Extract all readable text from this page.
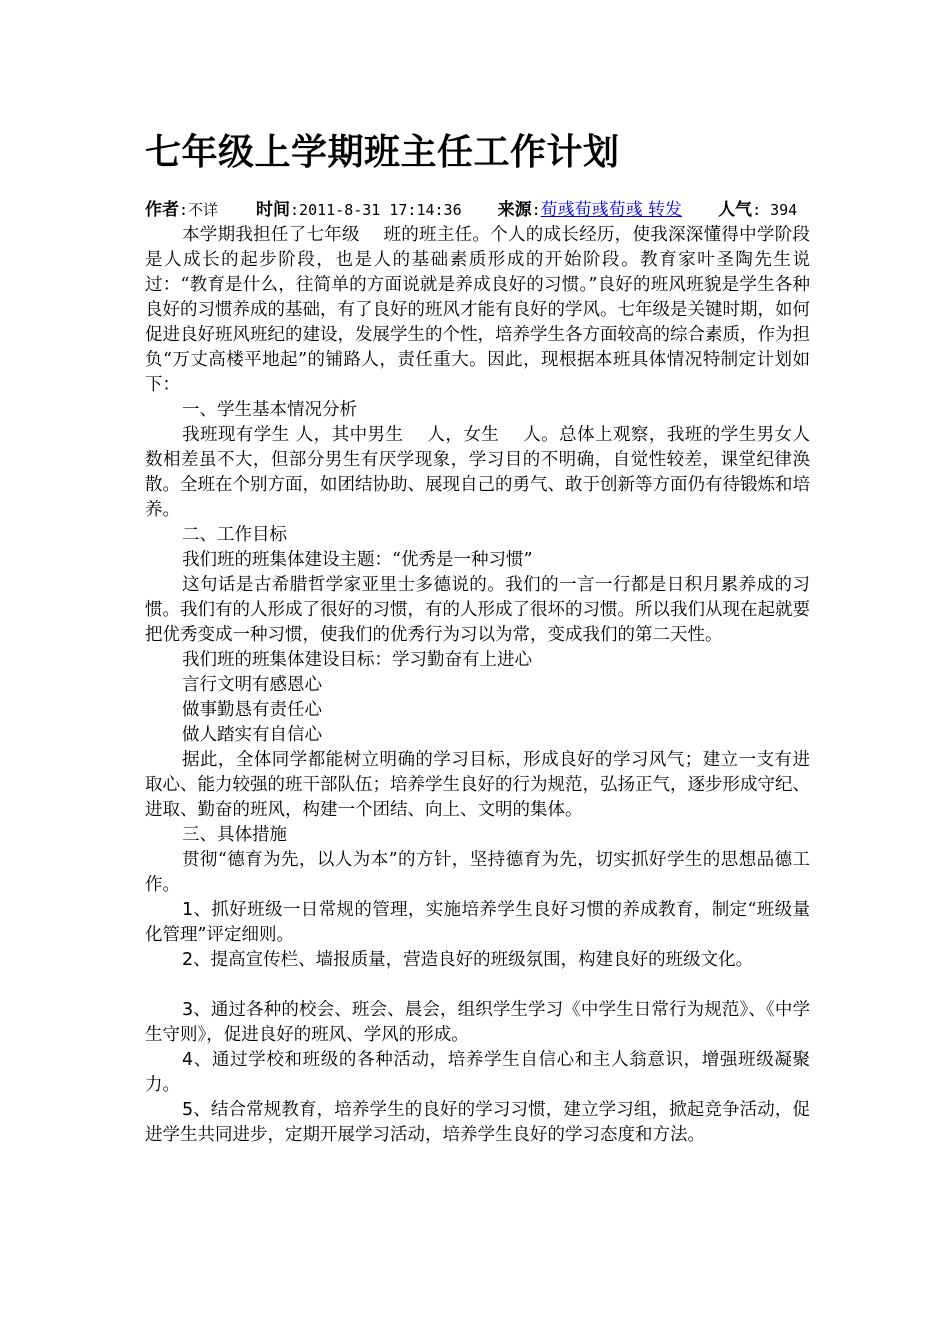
七年级上学期班主任工作计划

作者:不详 时间:2011-8-31 17:14:36 来源:荀彧荀彧荀彧 转发 人气: 394

本学期我担任了七年级　 班的班主任。个人的成长经历，使我深深懂得中学阶段是人成长的起步阶段，也是人的基础素质形成的开始阶段。教育家叶圣陶先生说过：“教育是什么，往简单的方面说就是养成良好的习惯。”良好的班风班貌是学生各种良好的习惯养成的基础，有了良好的班风才能有良好的学风。七年级是关键时期，如何促进良好班风班纪的建设，发展学生的个性，培养学生各方面较高的综合素质，作为担负“万丈高楼平地起”的铺路人，责任重大。因此，现根据本班具体情况特制定计划如下：

一、学生基本情况分析

我班现有学生 人，其中男生　 人，女生　 人。总体上观察，我班的学生男女人数相差虽不大，但部分男生有厌学现象，学习目的不明确，自觉性较差，课堂纪律涣散。全班在个别方面，如团结协助、展现自己的勇气、敢于创新等方面仍有待锻炼和培养。

二、工作目标

我们班的班集体建设主题：“优秀是一种习惯”

这句话是古希腊哲学家亚里士多德说的。我们的一言一行都是日积月累养成的习惯。我们有的人形成了很好的习惯，有的人形成了很坏的习惯。所以我们从现在起就要把优秀变成一种习惯，使我们的优秀行为习以为常，变成我们的第二天性。

我们班的班集体建设目标：学习勤奋有上进心

言行文明有感恩心

做事勤恳有责任心

做人踏实有自信心

据此，全体同学都能树立明确的学习目标，形成良好的学习风气；建立一支有进取心、能力较强的班干部队伍；培养学生良好的行为规范，弘扬正气，逐步形成守纪、进取、勤奋的班风，构建一个团结、向上、文明的集体。

三、具体措施

贯彻“德育为先，以人为本”的方针，坚持德育为先，切实抓好学生的思想品德工作。

1、抓好班级一日常规的管理，实施培养学生良好习惯的养成教育，制定“班级量化管理”评定细则。

2、提高宣传栏、墙报质量，营造良好的班级氛围，构建良好的班级文化。

3、通过各种的校会、班会、晨会，组织学生学习《中学生日常行为规范》、《中学生守则》，促进良好的班风、学风的形成。

4、通过学校和班级的各种活动，培养学生自信心和主人翁意识，增强班级凝聚力。

5、结合常规教育，培养学生的良好的学习习惯，建立学习组，掀起竞争活动，促进学生共同进步，定期开展学习活动，培养学生良好的学习态度和方法。
